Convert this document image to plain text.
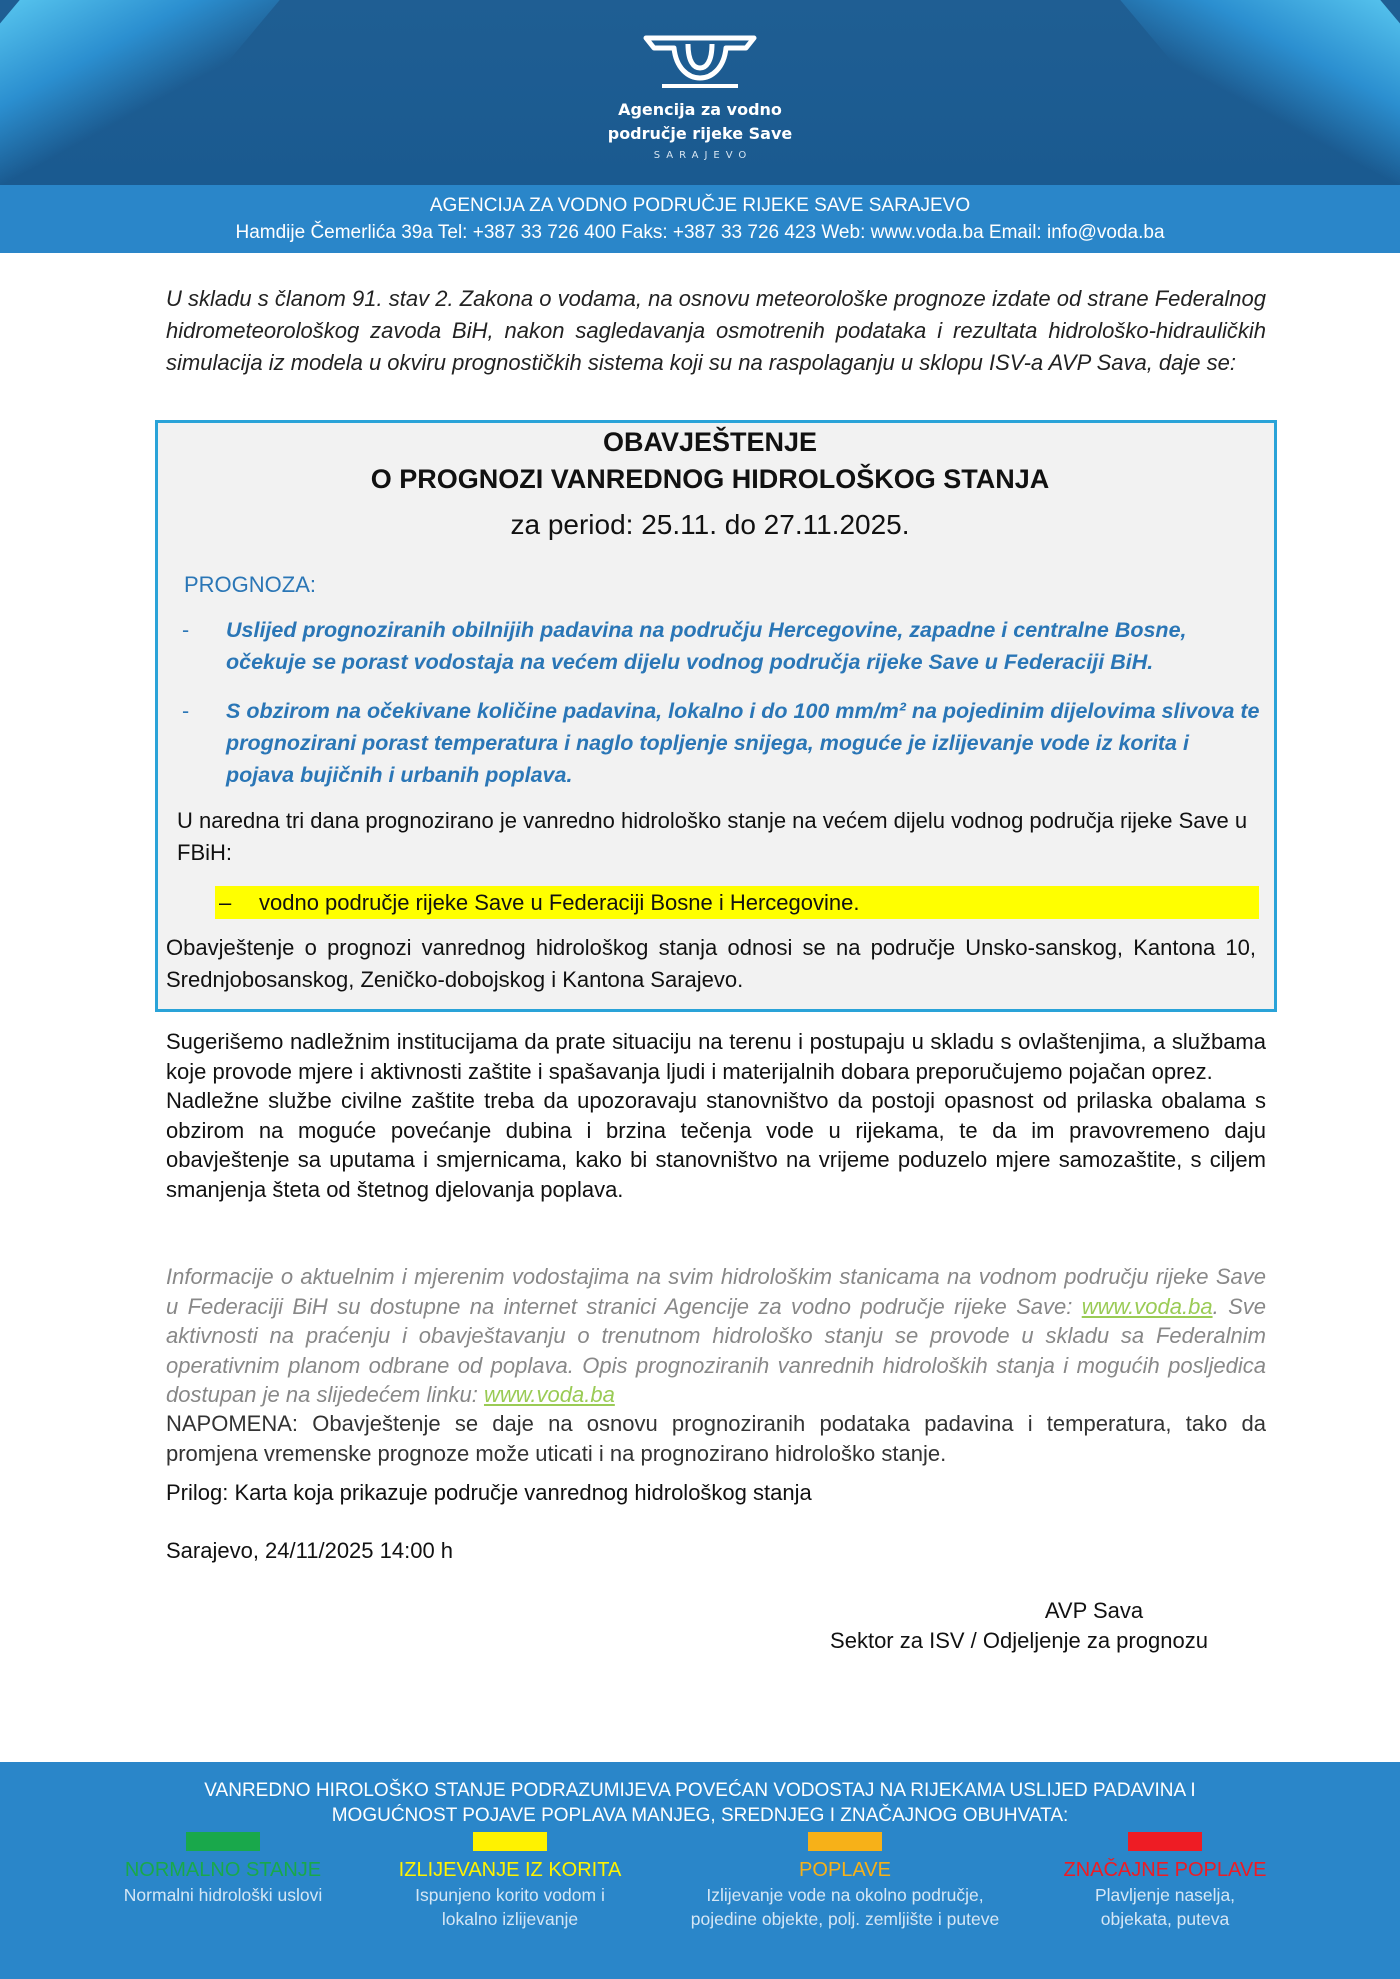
Agencija za vodno
područje rijeke Save
SARAJEVO
AGENCIJA ZA VODNO PODRUČJE RIJEKE SAVE SARAJEVO
Hamdije Čemerlića 39a Tel: +387 33 726 400 Faks: +387 33 726 423 Web: www.voda.ba Email: info@voda.ba
U skladu s članom 91. stav 2. Zakona o vodama, na osnovu meteorološke prognoze izdate od strane Federalnog hidrometeorološkog zavoda BiH, nakon sagledavanja osmotrenih podataka i rezultata hidrološko-hidrauličkih simulacija iz modela u okviru prognostičkih sistema koji su na raspolaganju u sklopu ISV-a AVP Sava, daje se:
OBAVJEŠTENJE
O PROGNOZI VANREDNOG HIDROLOŠKOG STANJA
za period: 25.11. do 27.11.2025.
PROGNOZA:
- Uslijed prognoziranih obilnijih padavina na području Hercegovine, zapadne i centralne Bosne, očekuje se porast vodostaja na većem dijelu vodnog područja rijeke Save u Federaciji BiH.
- S obzirom na očekivane količine padavina, lokalno i do 100 mm/m² na pojedinim dijelovima slivova te prognozirani porast temperatura i naglo topljenje snijega, moguće je izlijevanje vode iz korita i pojava bujičnih i urbanih poplava.
U naredna tri dana prognozirano je vanredno hidrološko stanje na većem dijelu vodnog područja rijeke Save u FBiH:
– vodno područje rijeke Save u Federaciji Bosne i Hercegovine.
Obavještenje o prognozi vanrednog hidrološkog stanja odnosi se na područje Unsko-sanskog, Kantona 10, Srednjobosanskog, Zeničko-dobojskog i Kantona Sarajevo.
Sugerišemo nadležnim institucijama da prate situaciju na terenu i postupaju u skladu s ovlaštenjima, a službama koje provode mjere i aktivnosti zaštite i spašavanja ljudi i materijalnih dobara preporučujemo pojačan oprez.
Nadležne službe civilne zaštite treba da upozoravaju stanovništvo da postoji opasnost od prilaska obalama s obzirom na moguće povećanje dubina i brzina tečenja vode u rijekama, te da im pravovremeno daju obavještenje sa uputama i smjernicama, kako bi stanovništvo na vrijeme poduzelo mjere samozaštite, s ciljem smanjenja šteta od štetnog djelovanja poplava.
Informacije o aktuelnim i mjerenim vodostajima na svim hidrološkim stanicama na vodnom području rijeke Save u Federaciji BiH su dostupne na internet stranici Agencije za vodno područje rijeke Save: www.voda.ba. Sve aktivnosti na praćenju i obavještavanju o trenutnom hidrološko stanju se provode u skladu sa Federalnim operativnim planom odbrane od poplava. Opis prognoziranih vanrednih hidroloških stanja i mogućih posljedica dostupan je na slijedećem linku: www.voda.ba
NAPOMENA: Obavještenje se daje na osnovu prognoziranih podataka padavina i temperatura, tako da promjena vremenske prognoze može uticati i na prognozirano hidrološko stanje.
Prilog: Karta koja prikazuje područje vanrednog hidrološkog stanja
Sarajevo, 24/11/2025 14:00 h
AVP Sava
Sektor za ISV / Odjeljenje za prognozu
VANREDNO HIROLOŠKO STANJE PODRAZUMIJEVA POVEĆAN VODOSTAJ NA RIJEKAMA USLIJED PADAVINA I
MOGUĆNOST POJAVE POPLAVA MANJEG, SREDNJEG I ZNAČAJNOG OBUHVATA:
NORMALNO STANJE
Normalni hidrološki uslovi
IZLIJEVANJE IZ KORITA
Ispunjeno korito vodom i
lokalno izlijevanje
POPLAVE
Izlijevanje vode na okolno područje,
pojedine objekte, polj. zemljište i puteve
ZNAČAJNE POPLAVE
Plavljenje naselja,
objekata, puteva
